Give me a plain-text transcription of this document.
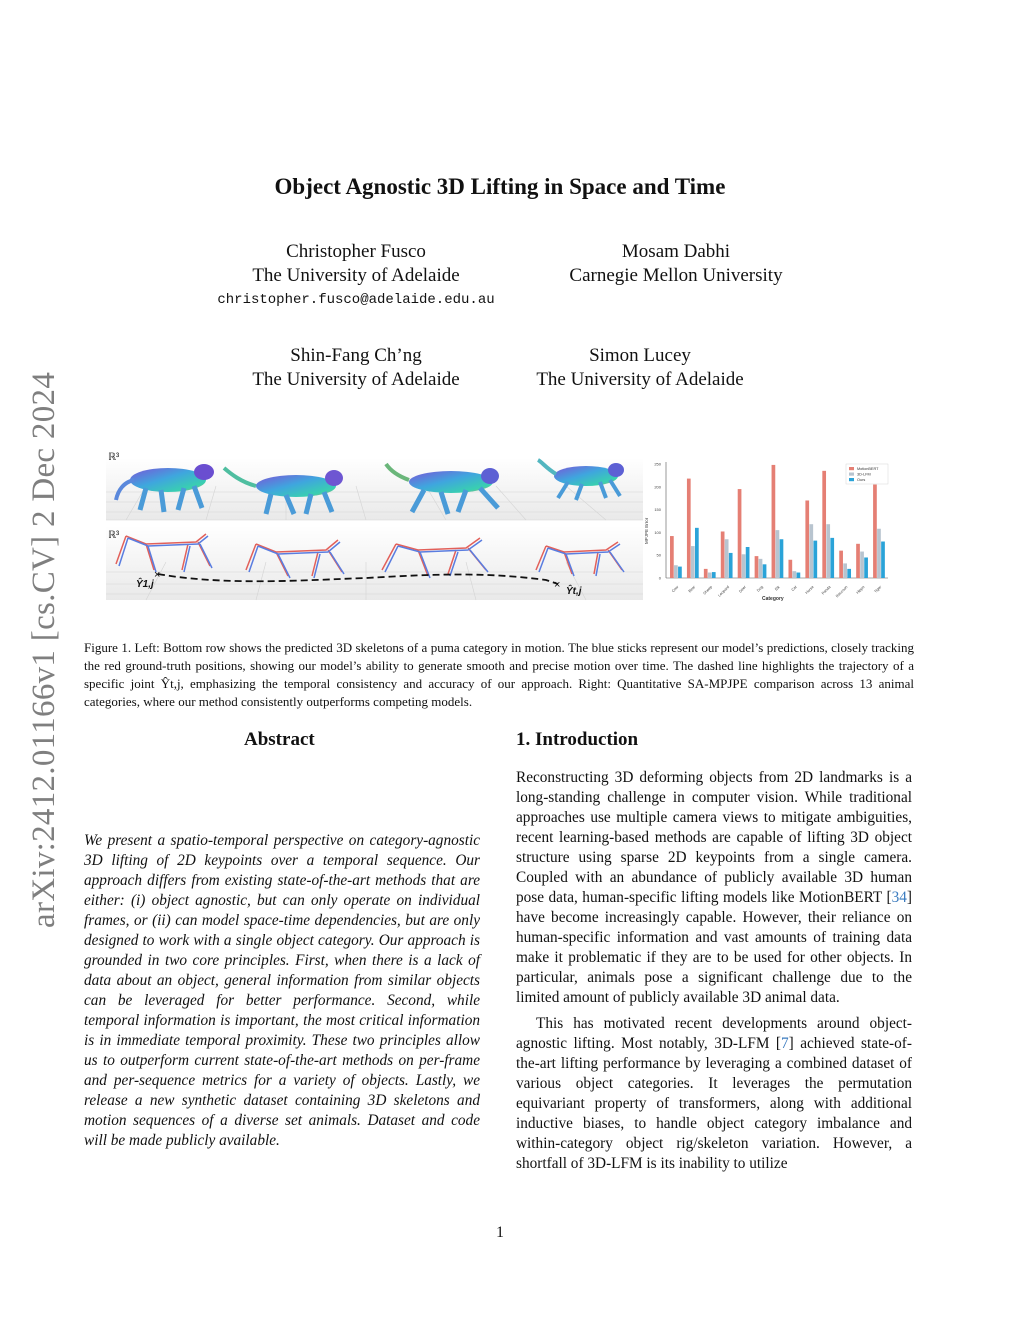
arXiv:2412.01166v1 [cs.CV] 2 Dec 2024
Object Agnostic 3D Lifting in Space and Time
Christopher Fusco
The University of Adelaide
christopher.fusco@adelaide.edu.au
Mosam Dabhi
Carnegie Mellon University
Shin-Fang Ch’ng
The University of Adelaide
Simon Lucey
The University of Adelaide
ℝ³
ℝ³
×
×
Ŷ1,j
Ŷt,j
MPJPE Error
Category
0
50
100
150
200
250
Cow Bear Sheep Leopard Deer Dog	Elk	Cat Horse Panda Raccoon Hippo Tiger
MotionBERT
3D-LFM
Ours
Figure 1. Left: Bottom row shows the predicted 3D skeletons of a puma category in motion. The blue sticks represent our model’s predictions, closely tracking the red ground-truth positions, showing our model’s ability to generate smooth and precise motion over time. The dashed line highlights the trajectory of a specific joint Ŷt,j, emphasizing the temporal consistency and accuracy of our approach. Right: Quantitative SA-MPJPE comparison across 13 animal categories, where our method consistently outperforms competing models.
Abstract
We present a spatio-temporal perspective on category-agnostic 3D lifting of 2D keypoints over a temporal sequence. Our approach differs from existing state-of-the-art methods that are either: (i) object agnostic, but can only operate on individual frames, or (ii) can model space-time dependencies, but are only designed to work with a single object category. Our approach is grounded in two core principles. First, when there is a lack of data about an object, general information from similar objects can be leveraged for better performance. Second, while temporal information is important, the most critical information is in immediate temporal proximity. These two principles allow us to outperform current state-of-the-art methods on per-frame and per-sequence metrics for a variety of objects. Lastly, we release a new synthetic dataset containing 3D skeletons and motion sequences of a diverse set animals. Dataset and code will be made publicly available.
1. Introduction

Reconstructing 3D deforming objects from 2D landmarks is a long-standing challenge in computer vision. While traditional approaches use multiple camera views to mitigate ambiguities, recent learning-based methods are capable of lifting 3D object structure using sparse 2D keypoints from a single camera. Coupled with an abundance of publicly available 3D human pose data, human-specific lifting models like MotionBERT [34] have become increasingly capable. However, their reliance on human-specific information and vast amounts of training data make it problematic if they are to be used for other objects. In particular, animals pose a significant challenge due to the limited amount of publicly available 3D animal data.

This has motivated recent developments around object-agnostic lifting. Most notably, 3D-LFM [7] achieved state-of-the-art lifting performance by leveraging a combined dataset of various object categories. It leverages the permutation equivariant property of transformers, along with additional inductive biases, to handle object category imbalance and within-category object rig/skeleton variation. However, a shortfall of 3D-LFM is its inability to utilize

1
